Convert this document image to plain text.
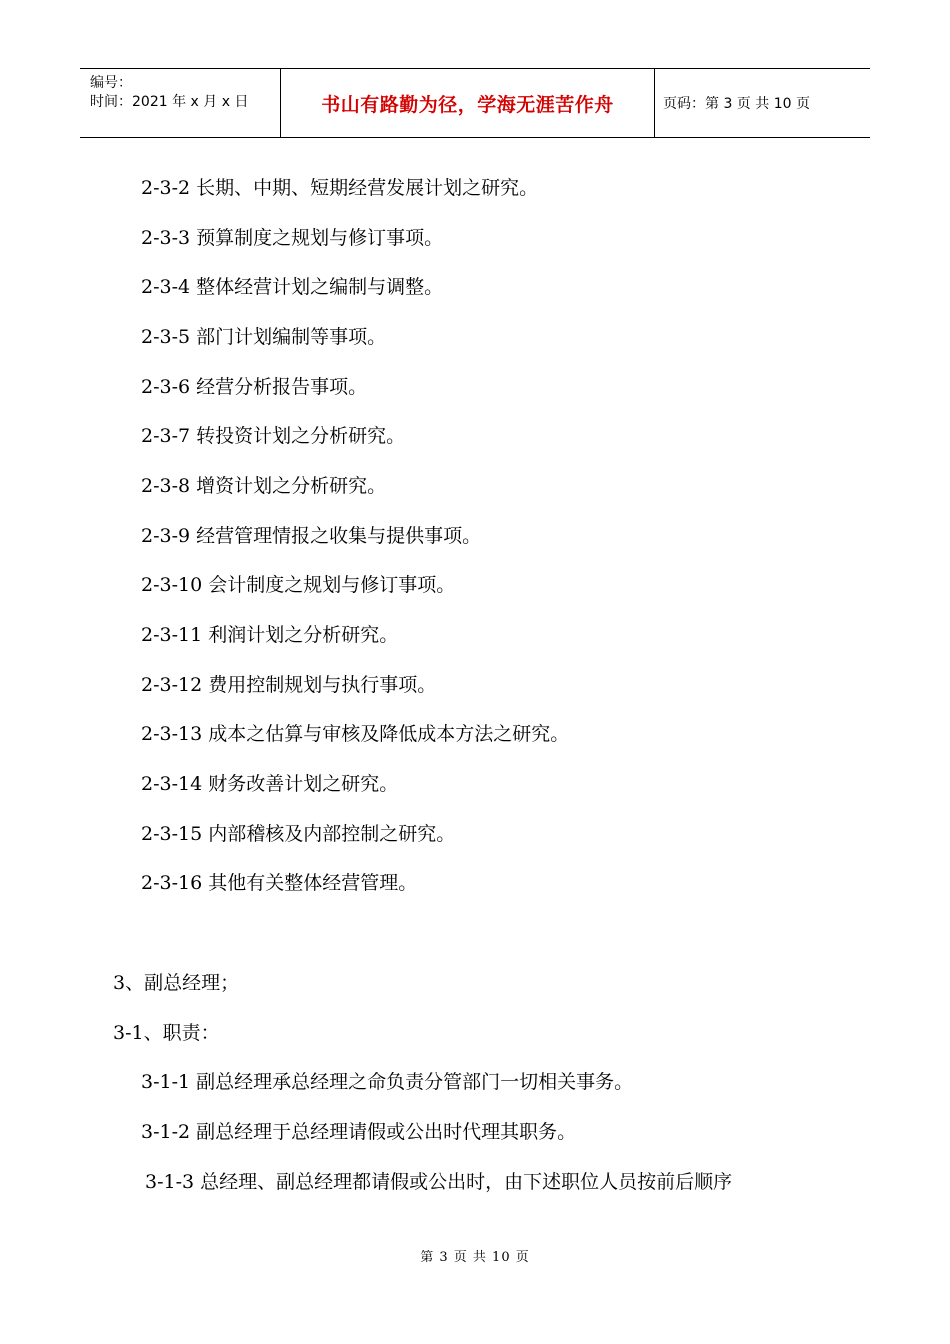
编号：
时间：2021 年 x 月 x 日	书山有路勤为径，学海无涯苦作舟	页码：第 3 页 共 10 页
2-3-2 长期、中期、短期经营发展计划之研究。
2-3-3 预算制度之规划与修订事项。
2-3-4 整体经营计划之编制与调整。
2-3-5 部门计划编制等事项。
2-3-6 经营分析报告事项。
2-3-7 转投资计划之分析研究。
2-3-8 增资计划之分析研究。
2-3-9 经营管理情报之收集与提供事项。
2-3-10 会计制度之规划与修订事项。
2-3-11 利润计划之分析研究。
2-3-12 费用控制规划与执行事项。
2-3-13 成本之估算与审核及降低成本方法之研究。
2-3-14 财务改善计划之研究。
2-3-15 内部稽核及内部控制之研究。
2-3-16 其他有关整体经营管理。
3、副总经理；
3-1、职责：
3-1-1 副总经理承总经理之命负责分管部门一切相关事务。
3-1-2 副总经理于总经理请假或公出时代理其职务。
3-1-3 总经理、副总经理都请假或公出时，由下述职位人员按前后顺序
第 3 页 共 10 页
